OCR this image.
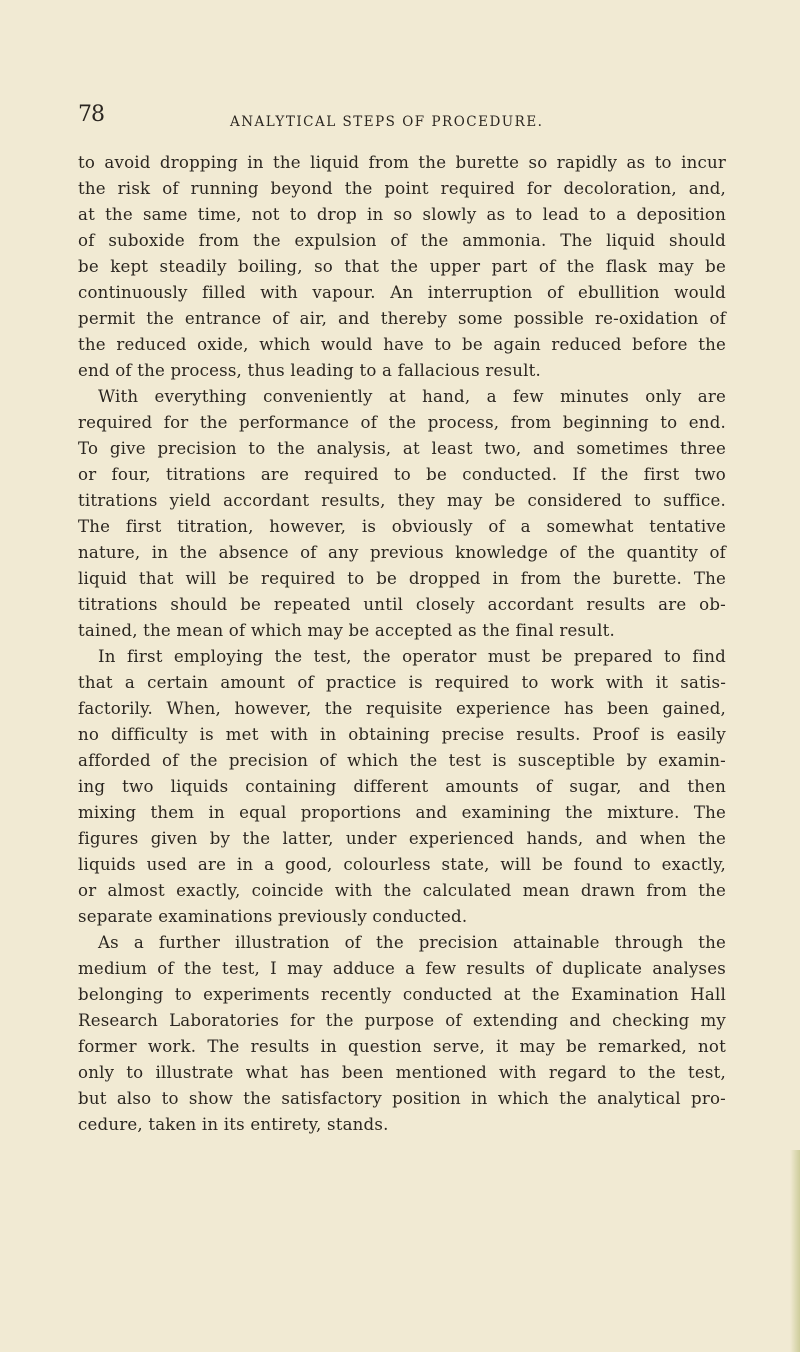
78	ANALYTICAL STEPS OF PROCEDURE.
to avoid dropping in the liquid from the burette so rapidly as to incur
the risk of running beyond the point required for decoloration, and,
at the same time, not to drop in so slowly as to lead to a deposition
of suboxide from the expulsion of the ammonia. The liquid should
be kept steadily boiling, so that the upper part of the flask may be
continuously filled with vapour. An interruption of ebullition would
permit the entrance of air, and thereby some possible re-oxidation of
the reduced oxide, which would have to be again reduced before the
end of the process, thus leading to a fallacious result.
With everything conveniently at hand, a few minutes only are
required for the performance of the process, from beginning to end.
To give precision to the analysis, at least two, and sometimes three
or four, titrations are required to be conducted. If the first two
titrations yield accordant results, they may be considered to suffice.
The first titration, however, is obviously of a somewhat tentative
nature, in the absence of any previous knowledge of the quantity of
liquid that will be required to be dropped in from the burette. The
titrations should be repeated until closely accordant results are ob-
tained, the mean of which may be accepted as the final result.
In first employing the test, the operator must be prepared to find
that a certain amount of practice is required to work with it satis-
factorily. When, however, the requisite experience has been gained,
no difficulty is met with in obtaining precise results. Proof is easily
afforded of the precision of which the test is susceptible by examin-
ing two liquids containing different amounts of sugar, and then
mixing them in equal proportions and examining the mixture. The
figures given by the latter, under experienced hands, and when the
liquids used are in a good, colourless state, will be found to exactly,
or almost exactly, coincide with the calculated mean drawn from the
separate examinations previously conducted.
As a further illustration of the precision attainable through the
medium of the test, I may adduce a few results of duplicate analyses
belonging to experiments recently conducted at the Examination Hall
Research Laboratories for the purpose of extending and checking my
former work. The results in question serve, it may be remarked, not
only to illustrate what has been mentioned with regard to the test,
but also to show the satisfactory position in which the analytical pro-
cedure, taken in its entirety, stands.
